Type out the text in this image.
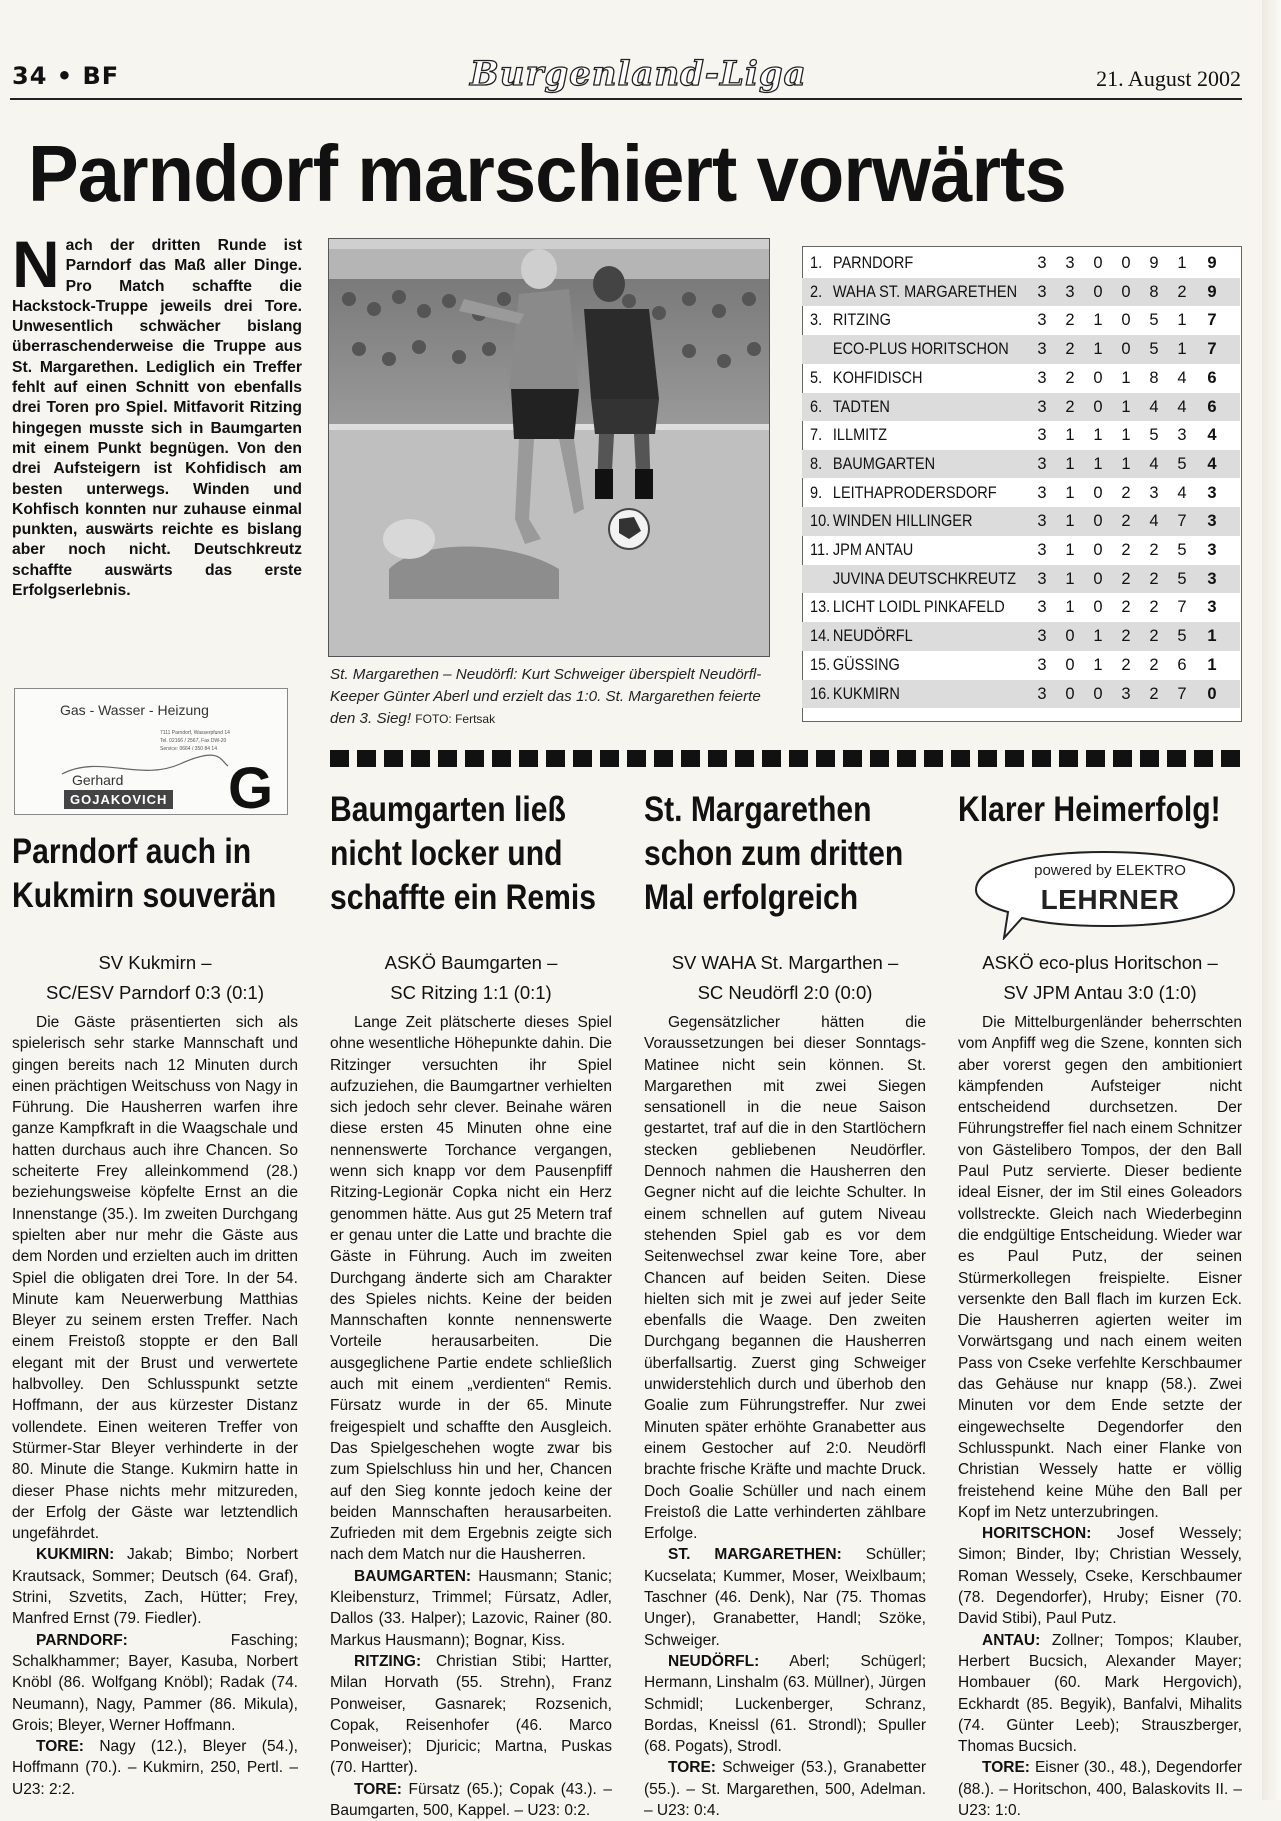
34 • BF	Burgenland-Liga	21. August 2002
Parndorf marschiert vorwärts
Nach der dritten Runde ist Parndorf das Maß aller Dinge. Pro Match schaffte die Hackstock-Truppe jeweils drei Tore. Unwesentlich schwächer bislang überraschenderweise die Truppe aus St. Margarethen. Lediglich ein Treffer fehlt auf einen Schnitt von ebenfalls drei Toren pro Spiel. Mitfavorit Ritzing hingegen musste sich in Baumgarten mit einem Punkt begnügen. Von den drei Aufsteigern ist Kohfidisch am besten unterwegs. Winden und Kohfisch konnten nur zuhause einmal punkten, auswärts reichte es bislang aber noch nicht. Deutschkreutz schaffte auswärts das erste Erfolgserlebnis.
Gas - Wasser - Heizung
7111 Parndorf, Wasserpfund 14
Tel. 02166 / 2567, Fax DW-20
Service: 0664 / 350 84 14
Gerhard
GOJAKOVICH G
St. Margarethen – Neudörfl: Kurt Schweiger überspielt Neudörfl-Keeper Günter Aberl und erzielt das 1:0. St. Margarethen feierte den 3. Sieg! FOTO: Fertsak
1. PARNDORF	3	3	0	0	9	1	9
2. WAHA ST. MARGARETHEN	3	3	0	0	8	2	9
3. RITZING	3	2	1	0	5	1	7
ECO-PLUS HORITSCHON	3	2	1	0	5	1	7
5. KOHFIDISCH	3	2	0	1	8	4	6
6. TADTEN	3	2	0	1	4	4	6
7. ILLMITZ	3	1	1	1	5	3	4
8. BAUMGARTEN	3	1	1	1	4	5	4
9. LEITHAPRODERSDORF	3	1	0	2	3	4	3
10. WINDEN HILLINGER	3	1	0	2	4	7	3
11. JPM ANTAU	3	1	0	2	2	5	3
JUVINA DEUTSCHKREUTZ	3	1	0	2	2	5	3
13. LICHT LOIDL PINKAFELD	3	1	0	2	2	7	3
14. NEUDÖRFL	3	0	1	2	2	5	1
15. GÜSSING	3	0	1	2	2	6	1
16. KUKMIRN	3	0	0	3	2	7	0
Parndorf auch in
Kukmirn souverän
SV Kukmirn –
SC/ESV Parndorf 0:3 (0:1)

Die Gäste präsentierten sich als spielerisch sehr starke Mannschaft und gingen bereits nach 12 Minuten durch einen prächtigen Weitschuss von Nagy in Führung. Die Hausherren warfen ihre ganze Kampfkraft in die Waagschale und hatten durchaus auch ihre Chancen. So scheiterte Frey alleinkommend (28.) beziehungsweise köpfelte Ernst an die Innenstange (35.). Im zweiten Durchgang spielten aber nur mehr die Gäste aus dem Norden und erzielten auch im dritten Spiel die obligaten drei Tore. In der 54. Minute kam Neuerwerbung Matthias Bleyer zu seinem ersten Treffer. Nach einem Freistoß stoppte er den Ball elegant mit der Brust und verwertete halbvolley. Den Schlusspunkt setzte Hoffmann, der aus kürzester Distanz vollendete. Einen weiteren Treffer von Stürmer-Star Bleyer verhinderte in der 80. Minute die Stange. Kukmirn hatte in dieser Phase nichts mehr mitzureden, der Erfolg der Gäste war letztendlich ungefährdet.

KUKMIRN: Jakab; Bimbo; Norbert Krautsack, Sommer; Deutsch (64. Graf), Strini, Szvetits, Zach, Hütter; Frey, Manfred Ernst (79. Fiedler).

PARNDORF:	Fasching; Schalkhammer; Bayer, Kasuba, Norbert Knöbl (86. Wolfgang Knöbl); Radak (74. Neumann), Nagy, Pammer (86. Mikula), Grois; Bleyer, Werner Hoffmann.

TORE: Nagy (12.), Bleyer (54.), Hoffmann (70.). – Kukmirn, 250, Pertl. – U23: 2:2.

Baumgarten ließ
nicht locker und
schaffte ein Remis
ASKÖ Baumgarten –
SC Ritzing 1:1 (0:1)

Lange Zeit plätscherte dieses Spiel ohne wesentliche Höhepunkte dahin. Die Ritzinger versuchten ihr Spiel aufzuziehen, die Baumgartner verhielten sich jedoch sehr clever. Beinahe wären diese ersten 45 Minuten ohne eine nennenswerte Torchance vergangen, wenn sich knapp vor dem Pausenpfiff Ritzing-Legionär Copka nicht ein Herz genommen hätte. Aus gut 25 Metern traf er genau unter die Latte und brachte die Gäste in Führung. Auch im zweiten Durchgang änderte sich am Charakter des Spieles nichts. Keine der beiden Mannschaften konnte nennenswerte Vorteile herausarbeiten. Die ausgeglichene Partie endete schließlich auch mit einem „verdienten“ Remis. Fürsatz wurde in der 65. Minute freigespielt und schaffte den Ausgleich. Das Spielgeschehen wogte zwar bis zum Spielschluss hin und her, Chancen auf den Sieg konnte jedoch keine der beiden Mannschaften herausarbeiten. Zufrieden mit dem Ergebnis zeigte sich nach dem Match nur die Hausherren.

BAUMGARTEN: Hausmann; Stanic; Kleibensturz, Trimmel; Fürsatz, Adler, Dallos (33. Halper); Lazovic, Rainer (80. Markus Hausmann); Bognar, Kiss.

RITZING: Christian Stibi; Hartter, Milan Horvath (55. Strehn), Franz Ponweiser, Gasnarek; Rozsenich, Copak, Reisenhofer (46. Marco Ponweiser); Djuricic; Martna, Puskas (70. Hartter).

TORE: Fürsatz (65.); Copak (43.). – Baumgarten, 500, Kappel. – U23: 0:2.

St. Margarethen
schon zum dritten
Mal erfolgreich
SV WAHA St. Margarthen –
SC Neudörfl 2:0 (0:0)

Gegensätzlicher hätten die Voraussetzungen bei dieser Sonntags-Matinee nicht sein können. St. Margarethen mit zwei Siegen sensationell in die neue Saison gestartet, traf auf die in den Startlöchern stecken gebliebenen Neudörfler. Dennoch nahmen die Hausherren den Gegner nicht auf die leichte Schulter. In einem schnellen auf gutem Niveau stehenden Spiel gab es vor dem Seitenwechsel zwar keine Tore, aber Chancen auf beiden Seiten. Diese hielten sich mit je zwei auf jeder Seite ebenfalls die Waage. Den zweiten Durchgang begannen die Hausherren überfallsartig. Zuerst ging Schweiger unwiderstehlich durch und überhob den Goalie zum Führungstreffer. Nur zwei Minuten später erhöhte Granabetter aus einem Gestocher auf 2:0. Neudörfl brachte frische Kräfte und machte Druck. Doch Goalie Schüller und nach einem Freistoß die Latte verhinderten zählbare Erfolge.

ST. MARGARETHEN: Schüller; Kucselata; Kummer, Moser, Weixlbaum; Taschner (46. Denk), Nar (75. Thomas Unger), Granabetter, Handl; Szöke, Schweiger.

NEUDÖRFL: Aberl; Schügerl; Hermann, Linshalm (63. Müllner), Jürgen Schmidl; Luckenberger, Schranz, Bordas, Kneissl (61. Strondl); Spuller (68. Pogats), Strodl.

TORE: Schweiger (53.), Granabetter (55.). – St. Margarethen, 500, Adelman. – U23: 0:4.

Klarer Heimerfolg!
powered by ELEKTRO
LEHRNER
ASKÖ eco-plus Horitschon –
SV JPM Antau 3:0 (1:0)

Die Mittelburgenländer beherrschten vom Anpfiff weg die Szene, konnten sich aber vorerst gegen den ambitioniert kämpfenden Aufsteiger nicht entscheidend durchsetzen. Der Führungstreffer fiel nach einem Schnitzer von Gästelibero Tompos, der den Ball Paul Putz servierte. Dieser bediente ideal Eisner, der im Stil eines Goleadors vollstreckte. Gleich nach Wiederbeginn die endgültige Entscheidung. Wieder war es Paul Putz, der seinen Stürmerkollegen freispielte. Eisner versenkte den Ball flach im kurzen Eck. Die Hausherren agierten weiter im Vorwärtsgang und nach einem weiten Pass von Cseke verfehlte Kerschbaumer das Gehäuse nur knapp (58.). Zwei Minuten vor dem Ende setzte der eingewechselte Degendorfer den Schlusspunkt. Nach einer Flanke von Christian Wessely hatte er völlig freistehend keine Mühe den Ball per Kopf im Netz unterzubringen.

HORITSCHON: Josef Wessely; Simon; Binder, Iby; Christian Wessely, Roman Wessely, Cseke, Kerschbaumer (78. Degendorfer), Hruby; Eisner (70. David Stibi), Paul Putz.

ANTAU: Zollner; Tompos; Klauber, Herbert Bucsich, Alexander Mayer; Hombauer (60. Mark Hergovich), Eckhardt (85. Begyik), Banfalvi, Mihalits (74. Günter Leeb); Strauszberger, Thomas Bucsich.

TORE: Eisner (30., 48.), Degendorfer (88.). – Horitschon, 400, Balaskovits II. – U23: 1:0.
